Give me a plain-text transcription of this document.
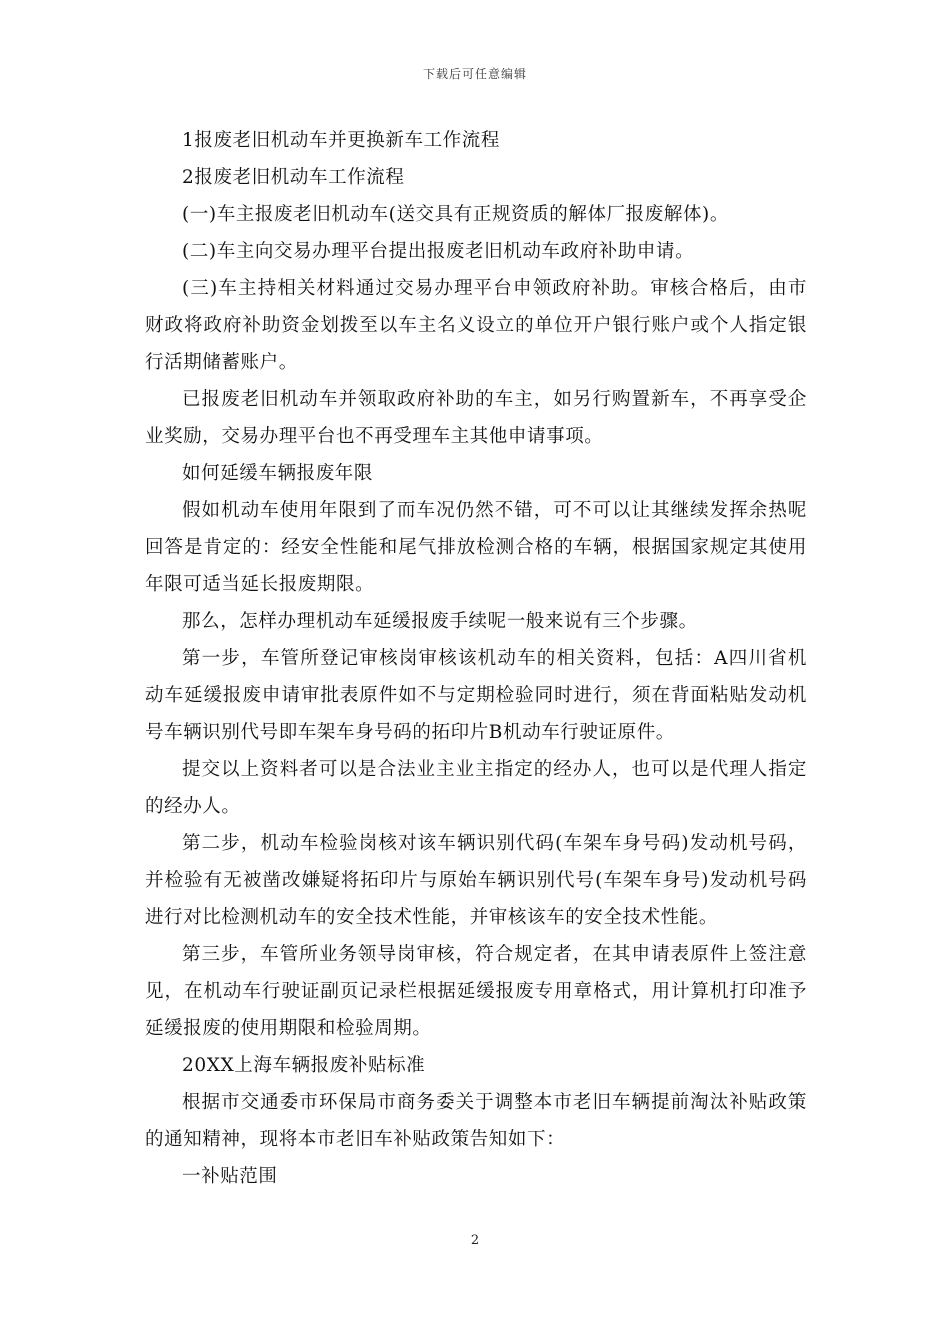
下载后可任意编辑

1报废老旧机动车并更换新车工作流程

2报废老旧机动车工作流程

(一)车主报废老旧机动车(送交具有正规资质的解体厂报废解体)。

(二)车主向交易办理平台提出报废老旧机动车政府补助申请。

(三)车主持相关材料通过交易办理平台申领政府补助。审核合格后，由市财政将政府补助资金划拨至以车主名义设立的单位开户银行账户或个人指定银行活期储蓄账户。

已报废老旧机动车并领取政府补助的车主，如另行购置新车，不再享受企业奖励，交易办理平台也不再受理车主其他申请事项。

如何延缓车辆报废年限

假如机动车使用年限到了而车况仍然不错，可不可以让其继续发挥余热呢回答是肯定的：经安全性能和尾气排放检测合格的车辆，根据国家规定其使用年限可适当延长报废期限。

那么，怎样办理机动车延缓报废手续呢一般来说有三个步骤。

第一步，车管所登记审核岗审核该机动车的相关资料，包括：A四川省机动车延缓报废申请审批表原件如不与定期检验同时进行，须在背面粘贴发动机号车辆识别代号即车架车身号码的拓印片B机动车行驶证原件。

提交以上资料者可以是合法业主业主指定的经办人，也可以是代理人指定的经办人。

第二步，机动车检验岗核对该车辆识别代码(车架车身号码)发动机号码，并检验有无被凿改嫌疑将拓印片与原始车辆识别代号(车架车身号)发动机号码进行对比检测机动车的安全技术性能，并审核该车的安全技术性能。

第三步，车管所业务领导岗审核，符合规定者，在其申请表原件上签注意见，在机动车行驶证副页记录栏根据延缓报废专用章格式，用计算机打印准予延缓报废的使用期限和检验周期。

20XX上海车辆报废补贴标准

根据市交通委市环保局市商务委关于调整本市老旧车辆提前淘汰补贴政策的通知精神，现将本市老旧车补贴政策告知如下：

一补贴范围

2
